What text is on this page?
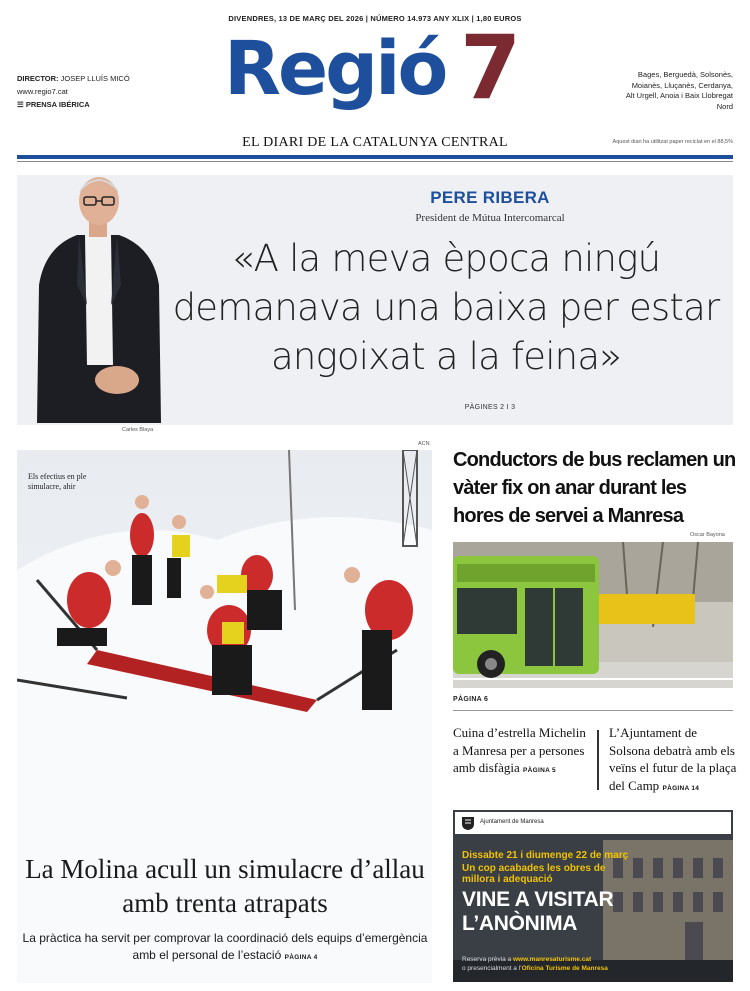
DIVENDRES, 13 DE MARÇ DEL 2026 | NÚMERO 14.973 ANY XLIX | 1,80 EUROS
DIRECTOR: JOSEP LLUÍS MICÓ
www.regio7.cat
☰ PRENSA IBÉRICA	Regió 7	Bages, Berguedà, Solsonès, Moianès, Lluçanès, Cerdanya, Alt Urgell, Anoia i Baix Llobregat Nord
EL DIARI DE LA CATALUNYA CENTRAL	Aquest diari ha utilitzat paper reciclat en el 88,5%
Carles Blaya
PERE RIBERA
President de Mútua Intercomarcal
«A la meva època ningú demanava una baixa per estar angoixat a la feina»
PÀGINES 2 I 3
ACN
Els efectius en ple simulacre, ahir
La Molina acull un simulacre d’allau amb trenta atrapats
La pràctica ha servit per comprovar la coordinació dels equips d’emergència amb el personal de l’estació PÀGINA 4
Conductors de bus reclamen un vàter fix on anar durant les hores de servei a Manresa
Oscar Bayona
PÀGINA 6
Cuina d’estrella Michelin a Manresa per a persones amb disfàgia PÀGINA 5
L’Ajuntament de Solsona debatrà amb els veïns el futur de la plaça del Camp PÀGINA 14
Ajuntament de Manresa
Dissabte 21 i diumenge 22 de març
Un cop acabades les obres de millora i adequació
VINE A VISITAR L’ANÒNIMA
Reserva prèvia a www.manresaturisme.cat
o presencialment a l’Oficina Turisme de Manresa
